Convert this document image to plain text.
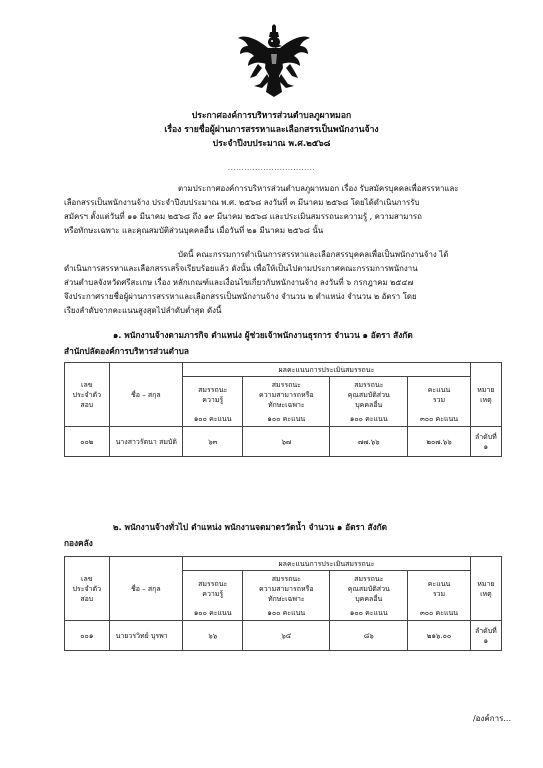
ประกาศองค์การบริหารส่วนตำบลภูผาหมอก
เรื่อง รายชื่อผู้ผ่านการสรรหาและเลือกสรรเป็นพนักงานจ้าง
ประจำปีงบประมาณ พ.ศ.๒๕๖๘
................................
ตามประกาศองค์การบริหารส่วนตำบลภูผาหมอก เรื่อง รับสมัครบุคคลเพื่อสรรหาและ
เลือกสรรเป็นพนักงานจ้าง ประจำปีงบประมาณ พ.ศ. ๒๕๖๘ ลงวันที่ ๓ มีนาคม ๒๕๖๘ โดยได้ดำเนินการรับ
สมัครฯ ตั้งแต่วันที่ ๑๑ มีนาคม ๒๕๖๘ ถึง ๑๙ มีนาคม ๒๕๖๘ และประเมินสมรรถนะความรู้ , ความสามารถ
หรือทักษะเฉพาะ และคุณสมบัติส่วนบุคคลอื่น เมื่อวันที่ ๒๑ มีนาคม ๒๕๖๘ นั้น
บัดนี้ คณะกรรมการดำเนินการสรรหาและเลือกสรรบุคคลเพื่อเป็นพนักงานจ้าง ได้
ดำเนินการสรรหาและเลือกสรรเสร็จเรียบร้อยแล้ว ดังนั้น เพื่อให้เป็นไปตามประกาศคณะกรรมการพนักงาน
ส่วนตำบลจังหวัดศรีสะเกษ เรื่อง หลักเกณฑ์และเงื่อนไขเกี่ยวกับพนักงานจ้าง ลงวันที่ ๖ กรกฎาคม ๒๕๔๗
จึงประกาศรายชื่อผู้ผ่านการสรรหาและเลือกสรรเป็นพนักงานจ้าง จำนวน ๒ ตำแหน่ง จำนวน ๒ อัตรา โดย
เรียงลำดับจากคะแนนสูงสุดไปลำดับต่ำสุด ดังนี้
๑. พนักงานจ้างตามภารกิจ ตำแหน่ง ผู้ช่วยเจ้าพนักงานธุรการ จำนวน ๑ อัตรา สังกัด
สำนักปลัดองค์การบริหารส่วนตำบล
เลข
ประจำตัว
สอบ	ชื่อ – สกุล	ผลคะแนนการประเมินสมรรถนะ				หมาย
เหตุ
		สมรรถนะ
ความรู้	สมรรถนะ
ความสามารถหรือ
ทักษะเฉพาะ	สมรรถนะ
คุณสมบัติส่วน
บุคคลอื่น	คะแนน
รวม	
		๑๐๐ คะแนน	๑๐๐ คะแนน	๑๐๐ คะแนน	๓๐๐ คะแนน	
๐๐๒	นางสาวรัตนา สมบัติ	๖๓	๖๗	๗๗.๖๖	๒๐๗.๖๖	ลำดับที่
๑
๒. พนักงานจ้างทั่วไป ตำแหน่ง พนักงานจดมาตรวัดน้ำ จำนวน ๑ อัตรา สังกัด
กองคลัง
เลข
ประจำตัว
สอบ	ชื่อ – สกุล	ผลคะแนนการประเมินสมรรถนะ				หมาย
เหตุ
		สมรรถนะ
ความรู้	สมรรถนะ
ความสามารถหรือ
ทักษะเฉพาะ	สมรรถนะ
คุณสมบัติส่วน
บุคคลอื่น	คะแนน
รวม	
		๑๐๐ คะแนน	๑๐๐ คะแนน	๑๐๐ คะแนน	๓๐๐ คะแนน	
๐๐๑	นายวรวิทย์ บุรพา	๖๖	๖๔	๘๖	๒๑๖.๐๐	ลำดับที่
๑
/องค์การ...
